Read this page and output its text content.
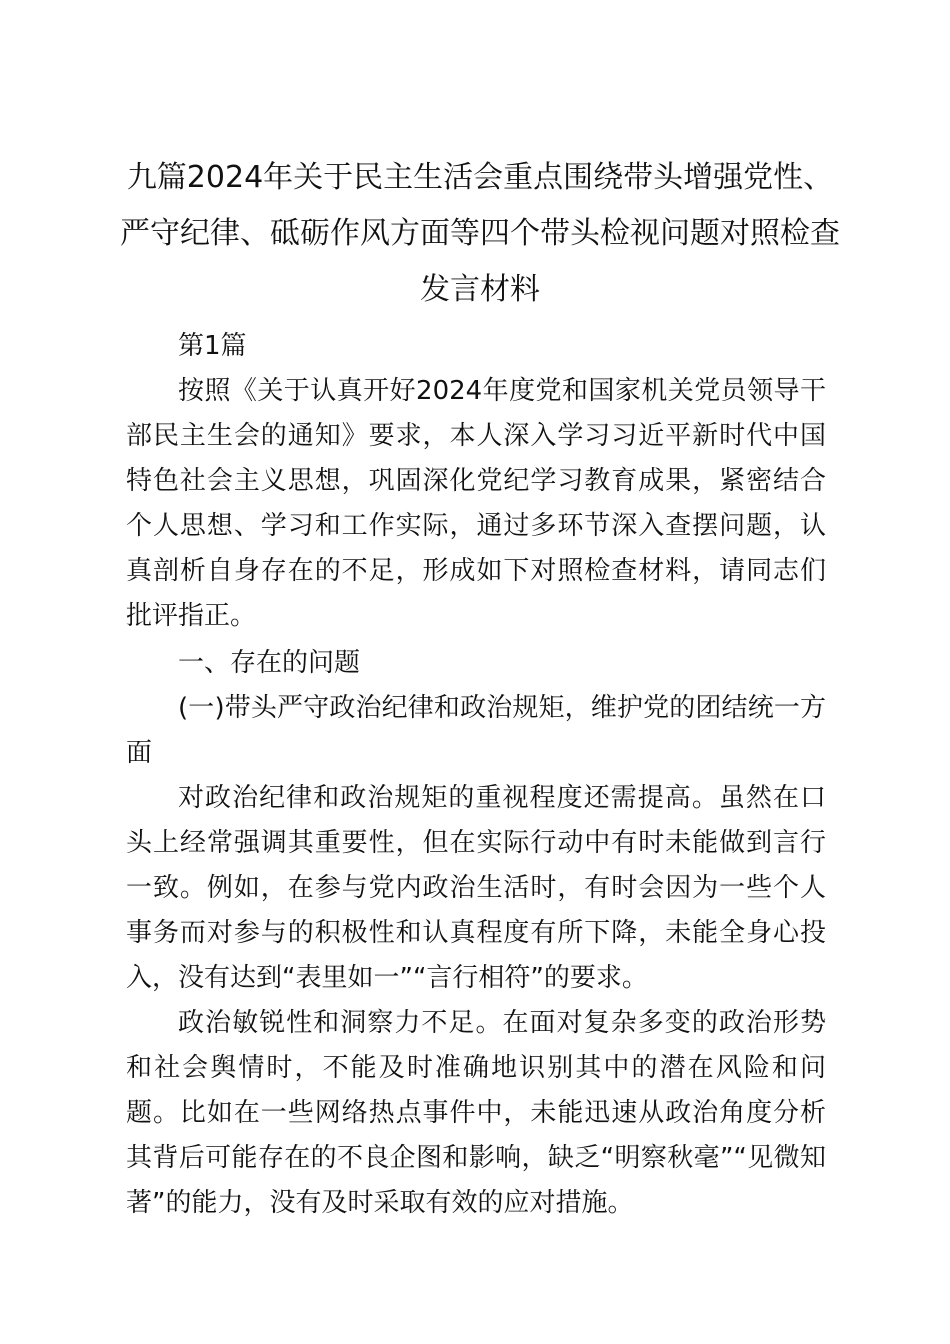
九篇2024年关于民主生活会重点围绕带头增强党性、严守纪律、砥砺作风方面等四个带头检视问题对照检查发言材料

第1篇

按照《关于认真开好2024年度党和国家机关党员领导干部民主生会的通知》要求，本人深入学习习近平新时代中国特色社会主义思想，巩固深化党纪学习教育成果，紧密结合个人思想、学习和工作实际，通过多环节深入查摆问题，认真剖析自身存在的不足，形成如下对照检查材料，请同志们批评指正。

一、存在的问题

(一)带头严守政治纪律和政治规矩，维护党的团结统一方面

对政治纪律和政治规矩的重视程度还需提高。虽然在口头上经常强调其重要性，但在实际行动中有时未能做到言行一致。例如，在参与党内政治生活时，有时会因为一些个人事务而对参与的积极性和认真程度有所下降，未能全身心投入，没有达到“表里如一”“言行相符”的要求。

政治敏锐性和洞察力不足。在面对复杂多变的政治形势和社会舆情时，不能及时准确地识别其中的潜在风险和问题。比如在一些网络热点事件中，未能迅速从政治角度分析其背后可能存在的不良企图和影响，缺乏“明察秋毫”“见微知著”的能力，没有及时采取有效的应对措施。
